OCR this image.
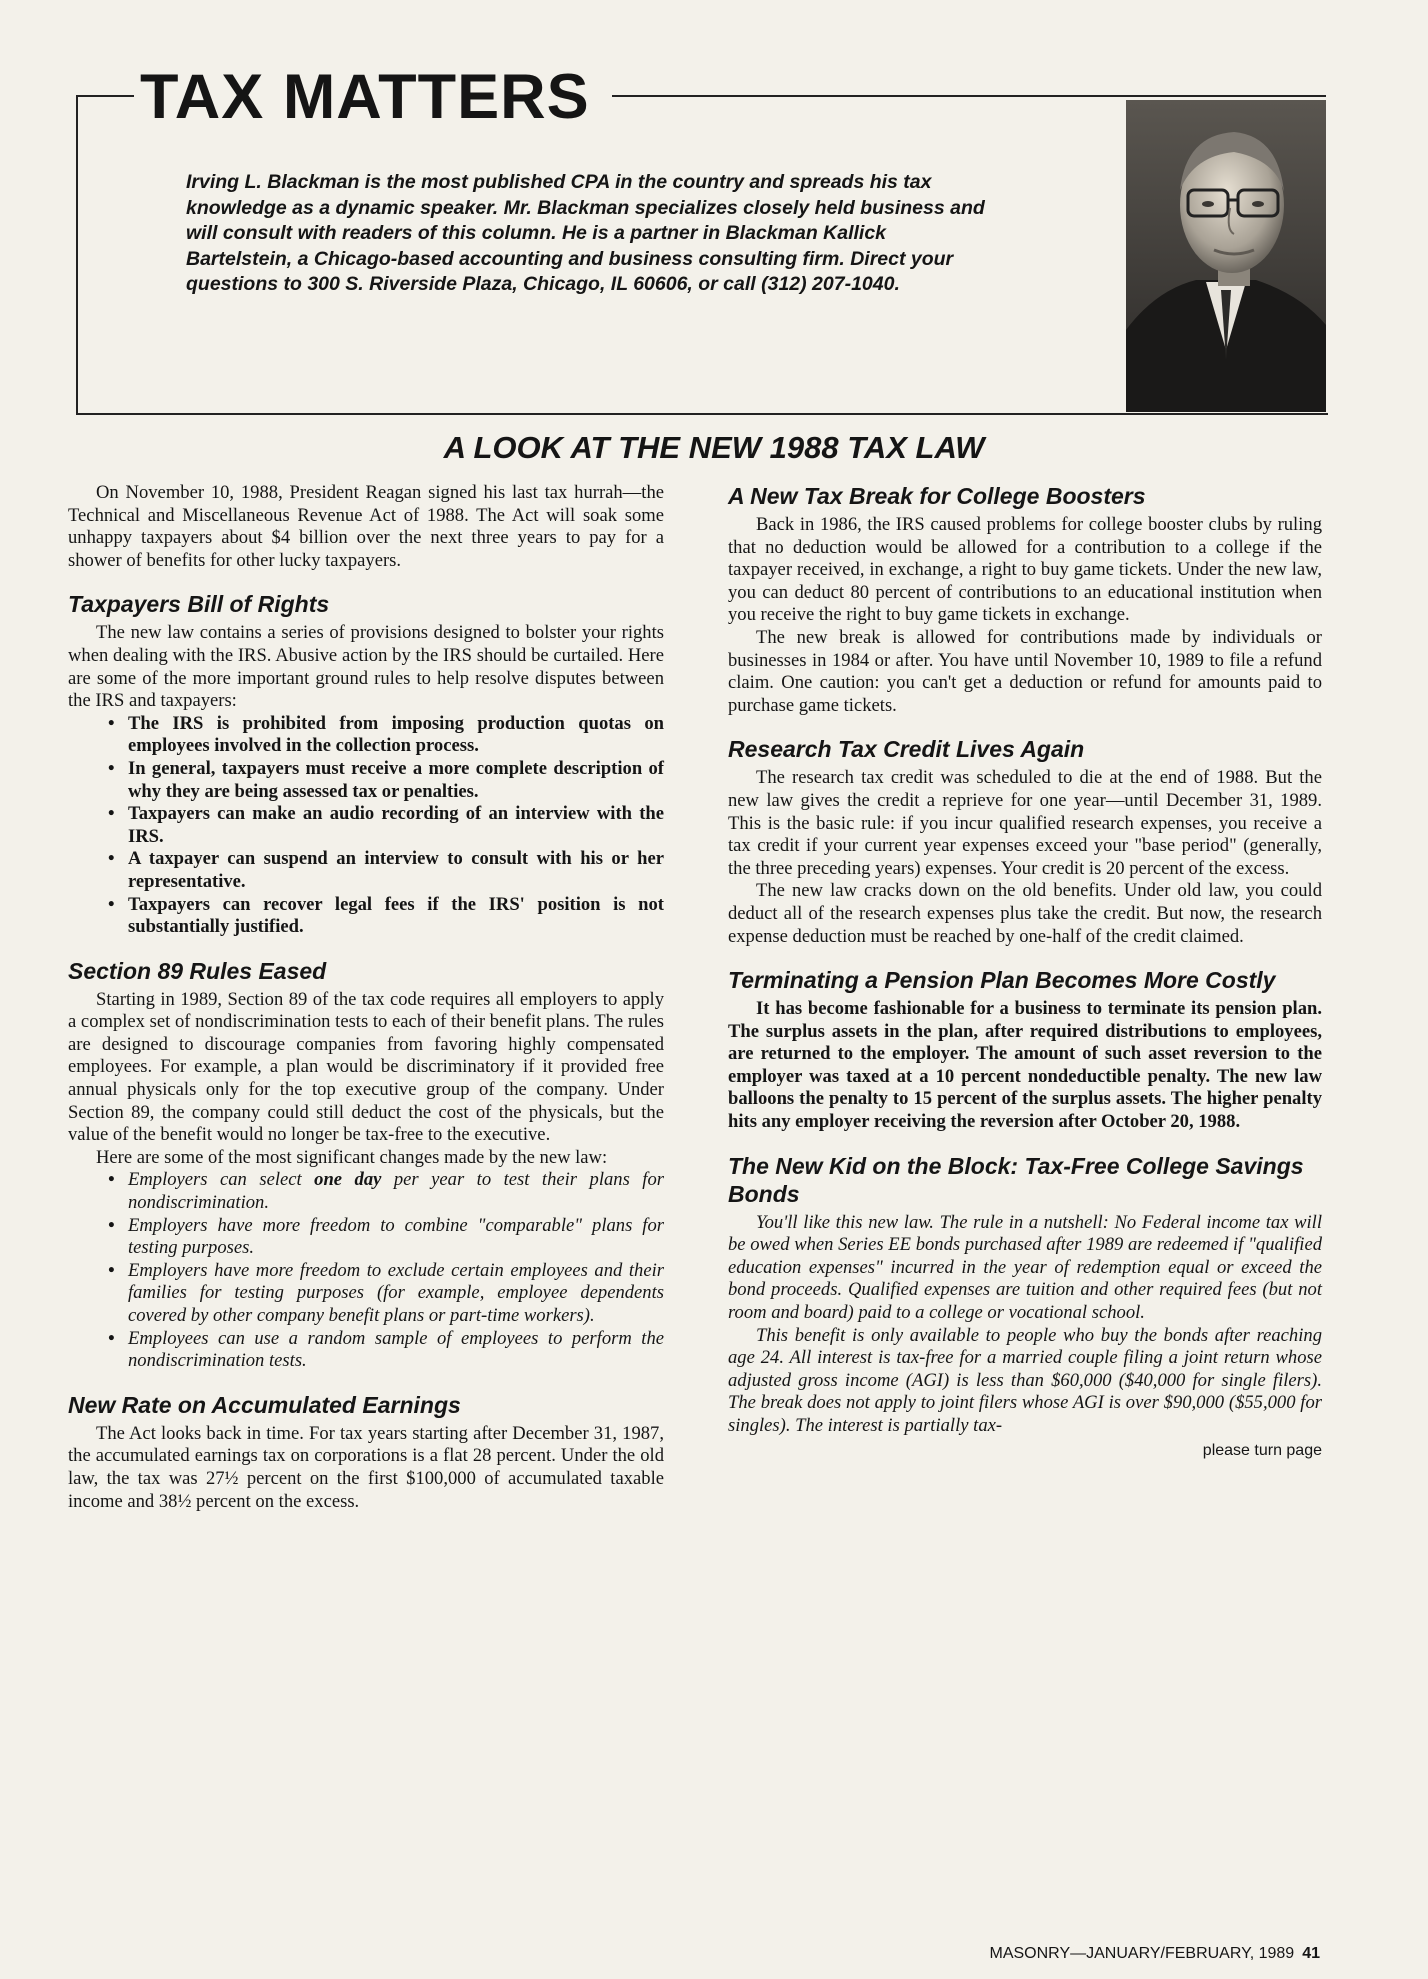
TAX MATTERS

Irving L. Blackman is the most published CPA in the country and spreads his tax knowledge as a dynamic speaker. Mr. Blackman specializes closely held business and will consult with readers of this column. He is a partner in Blackman Kallick Bartelstein, a Chicago-based accounting and business consulting firm. Direct your questions to 300 S. Riverside Plaza, Chicago, IL 60606, or call (312) 207-1040.

A LOOK AT THE NEW 1988 TAX LAW

On November 10, 1988, President Reagan signed his last tax hurrah—the Technical and Miscellaneous Revenue Act of 1988. The Act will soak some unhappy taxpayers about $4 billion over the next three years to pay for a shower of benefits for other lucky taxpayers.

Taxpayers Bill of Rights

The new law contains a series of provisions designed to bolster your rights when dealing with the IRS. Abusive action by the IRS should be curtailed. Here are some of the more important ground rules to help resolve disputes between the IRS and taxpayers:

• The IRS is prohibited from imposing production quotas on employees involved in the collection process.
• In general, taxpayers must receive a more complete description of why they are being assessed tax or penalties.
• Taxpayers can make an audio recording of an interview with the IRS.
• A taxpayer can suspend an interview to consult with his or her representative.
• Taxpayers can recover legal fees if the IRS' position is not substantially justified.
Section 89 Rules Eased

Starting in 1989, Section 89 of the tax code requires all employers to apply a complex set of nondiscrimination tests to each of their benefit plans. The rules are designed to discourage companies from favoring highly compensated employees. For example, a plan would be discriminatory if it provided free annual physicals only for the top executive group of the company. Under Section 89, the company could still deduct the cost of the physicals, but the value of the benefit would no longer be tax-free to the executive.

Here are some of the most significant changes made by the new law:

• Employers can select one day per year to test their plans for nondiscrimination.
• Employers have more freedom to combine "comparable" plans for testing purposes.
• Employers have more freedom to exclude certain employees and their families for testing purposes (for example, employee dependents covered by other company benefit plans or part-time workers).
• Employees can use a random sample of employees to perform the nondiscrimination tests.
New Rate on Accumulated Earnings

The Act looks back in time. For tax years starting after December 31, 1987, the accumulated earnings tax on corporations is a flat 28 percent. Under the old law, the tax was 27½ percent on the first $100,000 of accumulated taxable income and 38½ percent on the excess.

A New Tax Break for College Boosters

Back in 1986, the IRS caused problems for college booster clubs by ruling that no deduction would be allowed for a contribution to a college if the taxpayer received, in exchange, a right to buy game tickets. Under the new law, you can deduct 80 percent of contributions to an educational institution when you receive the right to buy game tickets in exchange.

The new break is allowed for contributions made by individuals or businesses in 1984 or after. You have until November 10, 1989 to file a refund claim. One caution: you can't get a deduction or refund for amounts paid to purchase game tickets.

Research Tax Credit Lives Again

The research tax credit was scheduled to die at the end of 1988. But the new law gives the credit a reprieve for one year—until December 31, 1989. This is the basic rule: if you incur qualified research expenses, you receive a tax credit if your current year expenses exceed your "base period" (generally, the three preceding years) expenses. Your credit is 20 percent of the excess.

The new law cracks down on the old benefits. Under old law, you could deduct all of the research expenses plus take the credit. But now, the research expense deduction must be reached by one-half of the credit claimed.

Terminating a Pension Plan Becomes More Costly

It has become fashionable for a business to terminate its pension plan. The surplus assets in the plan, after required distributions to employees, are returned to the employer. The amount of such asset reversion to the employer was taxed at a 10 percent nondeductible penalty. The new law balloons the penalty to 15 percent of the surplus assets. The higher penalty hits any employer receiving the reversion after October 20, 1988.

The New Kid on the Block: Tax-Free College Savings Bonds

You'll like this new law. The rule in a nutshell: No Federal income tax will be owed when Series EE bonds purchased after 1989 are redeemed if "qualified education expenses" incurred in the year of redemption equal or exceed the bond proceeds. Qualified expenses are tuition and other required fees (but not room and board) paid to a college or vocational school.

This benefit is only available to people who buy the bonds after reaching age 24. All interest is tax-free for a married couple filing a joint return whose adjusted gross income (AGI) is less than $60,000 ($40,000 for single filers). The break does not apply to joint filers whose AGI is over $90,000 ($55,000 for singles). The interest is partially tax-

please turn page

MASONRY—JANUARY/FEBRUARY, 1989 41
